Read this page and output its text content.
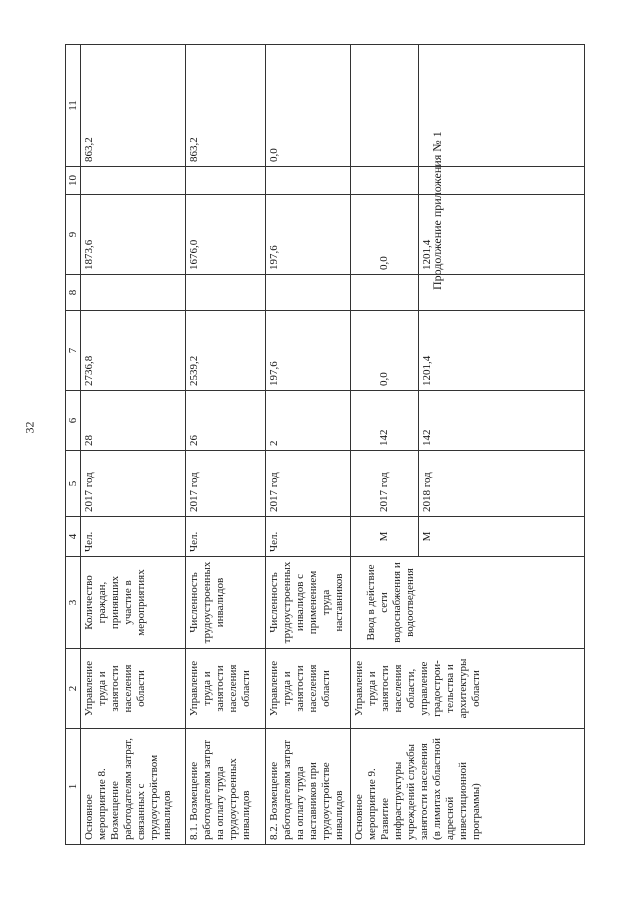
32
Продолжение приложения № 1
1	2	3	4	5	6	7	8	9	10	11
Основное мероприятие 8. Возмещение работодателям затрат, связанных с трудоустройством инвалидов	Управление труда и занятости населения области	Количество граждан, принявших участие в мероприятиях	Чел.	2017 год	28	2736,8		1873,6		863,2
8.1. Возмещение работодателям затрат на оплату труда трудоустроенных инвалидов	Управление труда и занятости населения области	Численность трудоустроенных инвалидов	Чел.	2017 год	26	2539,2		1676,0		863,2
8.2. Возмещение работодателям затрат на оплату труда наставников при трудоустройстве инвалидов	Управление труда и занятости населения области	Численность трудоустроенных инвалидов с применением труда наставников	Чел.	2017 год	2	197,6		197,6		0,0
Основное мероприятие 9. Развитие инфраструктуры учреждений службы занятости населения (в лимитах областной адресной инвестиционной программы)	Управление труда и занятости населения области, управление градострои-тельства и архитектуры области	Ввод в действие сети водоснабжения и водоотведения	М	2017 год	142	0,0		0,0		
			М	2018 год	142	1201,4		1201,4		
